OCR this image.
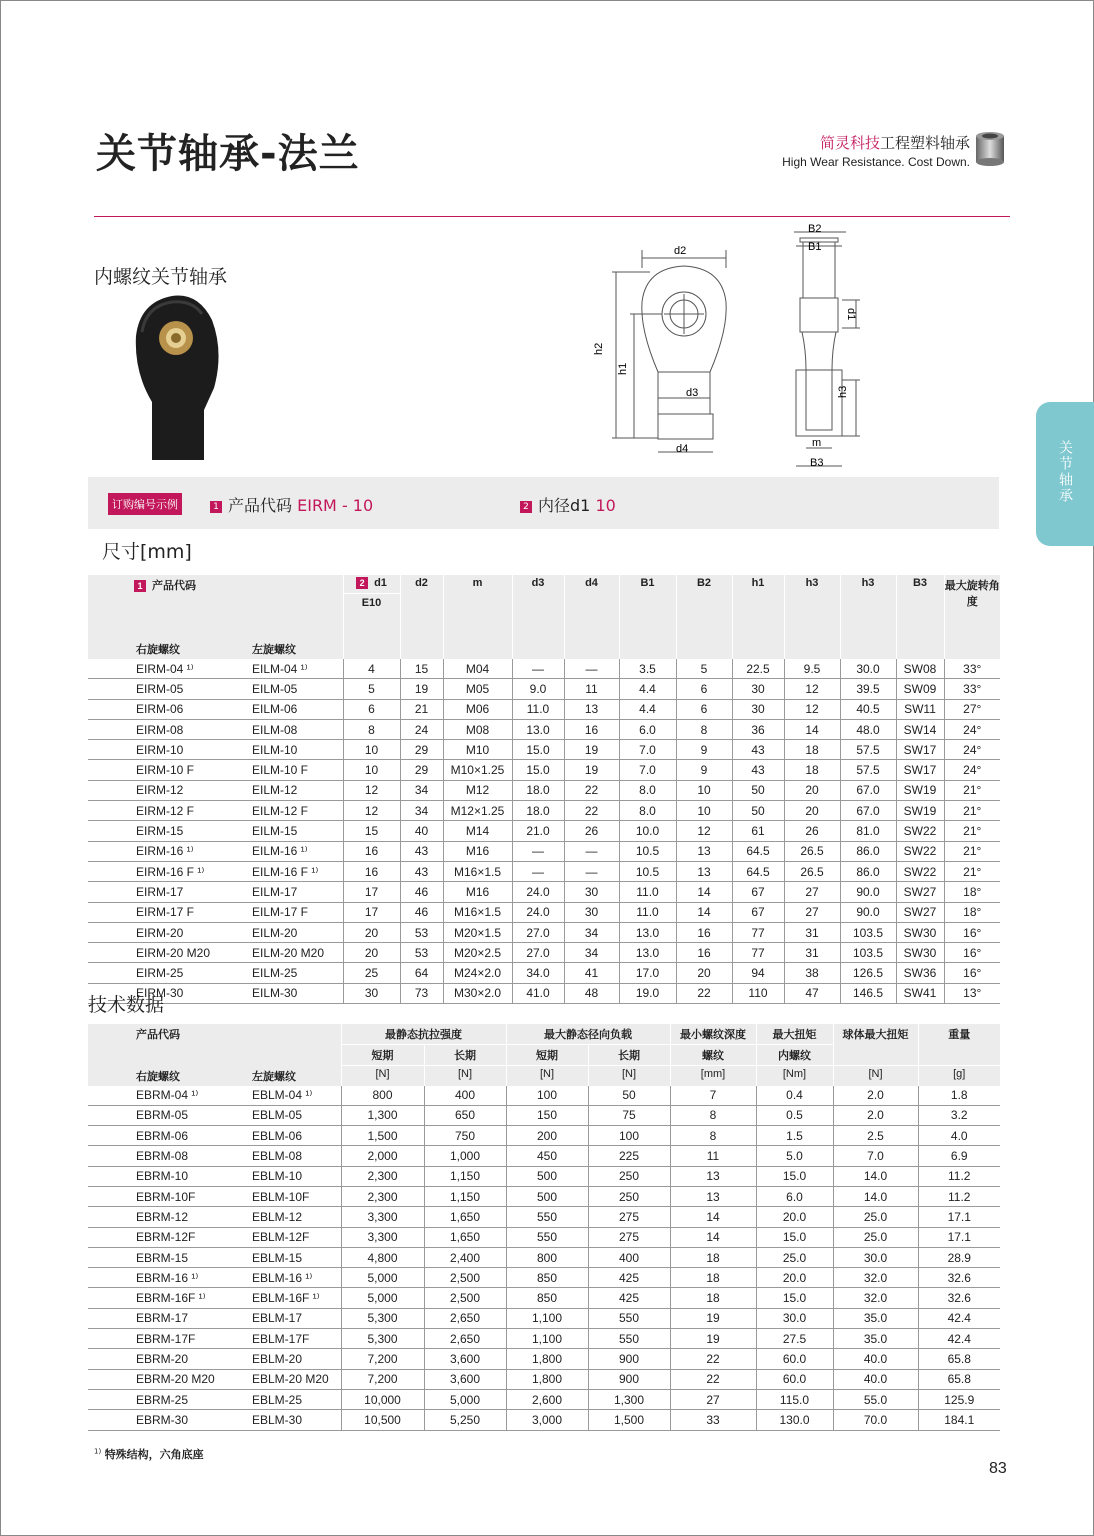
关节轴承-法兰	简灵科技工程塑料轴承
High Wear Resistance. Cost Down.
内螺纹关节轴承
d2
h2
h1
d3
d4
B2
B1
d1
h3
m
B3	关节轴承
订购编号示例	1 产品代码 EIRM - 10	2 内径d1 10
尺寸[mm]
1 产品代码		2 d1
E10	d2	m	d3	d4	B1	B2	h1	h3	h3	B3	最大旋转角度
右旋螺纹	左旋螺纹												
EIRM-04 ¹⁾	EILM-04 ¹⁾	4	15	M04	—	—	3.5	5	22.5	9.5	30.0	SW08	33°
EIRM-05	EILM-05	5	19	M05	9.0	11	4.4	6	30	12	39.5	SW09	33°
EIRM-06	EILM-06	6	21	M06	11.0	13	4.4	6	30	12	40.5	SW11	27°
EIRM-08	EILM-08	8	24	M08	13.0	16	6.0	8	36	14	48.0	SW14	24°
EIRM-10	EILM-10	10	29	M10	15.0	19	7.0	9	43	18	57.5	SW17	24°
EIRM-10 F	EILM-10 F	10	29	M10×1.25	15.0	19	7.0	9	43	18	57.5	SW17	24°
EIRM-12	EILM-12	12	34	M12	18.0	22	8.0	10	50	20	67.0	SW19	21°
EIRM-12 F	EILM-12 F	12	34	M12×1.25	18.0	22	8.0	10	50	20	67.0	SW19	21°
EIRM-15	EILM-15	15	40	M14	21.0	26	10.0	12	61	26	81.0	SW22	21°
EIRM-16 ¹⁾	EILM-16 ¹⁾	16	43	M16	—	—	10.5	13	64.5	26.5	86.0	SW22	21°
EIRM-16 F ¹⁾	EILM-16 F ¹⁾	16	43	M16×1.5	—	—	10.5	13	64.5	26.5	86.0	SW22	21°
EIRM-17	EILM-17	17	46	M16	24.0	30	11.0	14	67	27	90.0	SW27	18°
EIRM-17 F	EILM-17 F	17	46	M16×1.5	24.0	30	11.0	14	67	27	90.0	SW27	18°
EIRM-20	EILM-20	20	53	M20×1.5	27.0	34	13.0	16	77	31	103.5	SW30	16°
EIRM-20 M20	EILM-20 M20	20	53	M20×2.5	27.0	34	13.0	16	77	31	103.5	SW30	16°
EIRM-25	EILM-25	25	64	M24×2.0	34.0	41	17.0	20	94	38	126.5	SW36	16°
EIRM-30	EILM-30	30	73	M30×2.0	41.0	48	19.0	22	110	47	146.5	SW41	13°
技术数据
产品代码		最静态抗拉强度		最大静态径向负载		最小螺纹深度	最大扭矩	球体最大扭矩	重量
		短期	长期	短期	长期	螺纹	内螺纹		
右旋螺纹	左旋螺纹	[N]	[N]	[N]	[N]	[mm]	[Nm]	[N]	[g]
EBRM-04 ¹⁾	EBLM-04 ¹⁾	800	400	100	50	7	0.4	2.0	1.8
EBRM-05	EBLM-05	1,300	650	150	75	8	0.5	2.0	3.2
EBRM-06	EBLM-06	1,500	750	200	100	8	1.5	2.5	4.0
EBRM-08	EBLM-08	2,000	1,000	450	225	11	5.0	7.0	6.9
EBRM-10	EBLM-10	2,300	1,150	500	250	13	15.0	14.0	11.2
EBRM-10F	EBLM-10F	2,300	1,150	500	250	13	6.0	14.0	11.2
EBRM-12	EBLM-12	3,300	1,650	550	275	14	20.0	25.0	17.1
EBRM-12F	EBLM-12F	3,300	1,650	550	275	14	15.0	25.0	17.1
EBRM-15	EBLM-15	4,800	2,400	800	400	18	25.0	30.0	28.9
EBRM-16 ¹⁾	EBLM-16 ¹⁾	5,000	2,500	850	425	18	20.0	32.0	32.6
EBRM-16F ¹⁾	EBLM-16F ¹⁾	5,000	2,500	850	425	18	15.0	32.0	32.6
EBRM-17	EBLM-17	5,300	2,650	1,100	550	19	30.0	35.0	42.4
EBRM-17F	EBLM-17F	5,300	2,650	1,100	550	19	27.5	35.0	42.4
EBRM-20	EBLM-20	7,200	3,600	1,800	900	22	60.0	40.0	65.8
EBRM-20 M20	EBLM-20 M20	7,200	3,600	1,800	900	22	60.0	40.0	65.8
EBRM-25	EBLM-25	10,000	5,000	2,600	1,300	27	115.0	55.0	125.9
EBRM-30	EBLM-30	10,500	5,250	3,000	1,500	33	130.0	70.0	184.1
$^{1)}$ 特殊结构，六角底座
83
